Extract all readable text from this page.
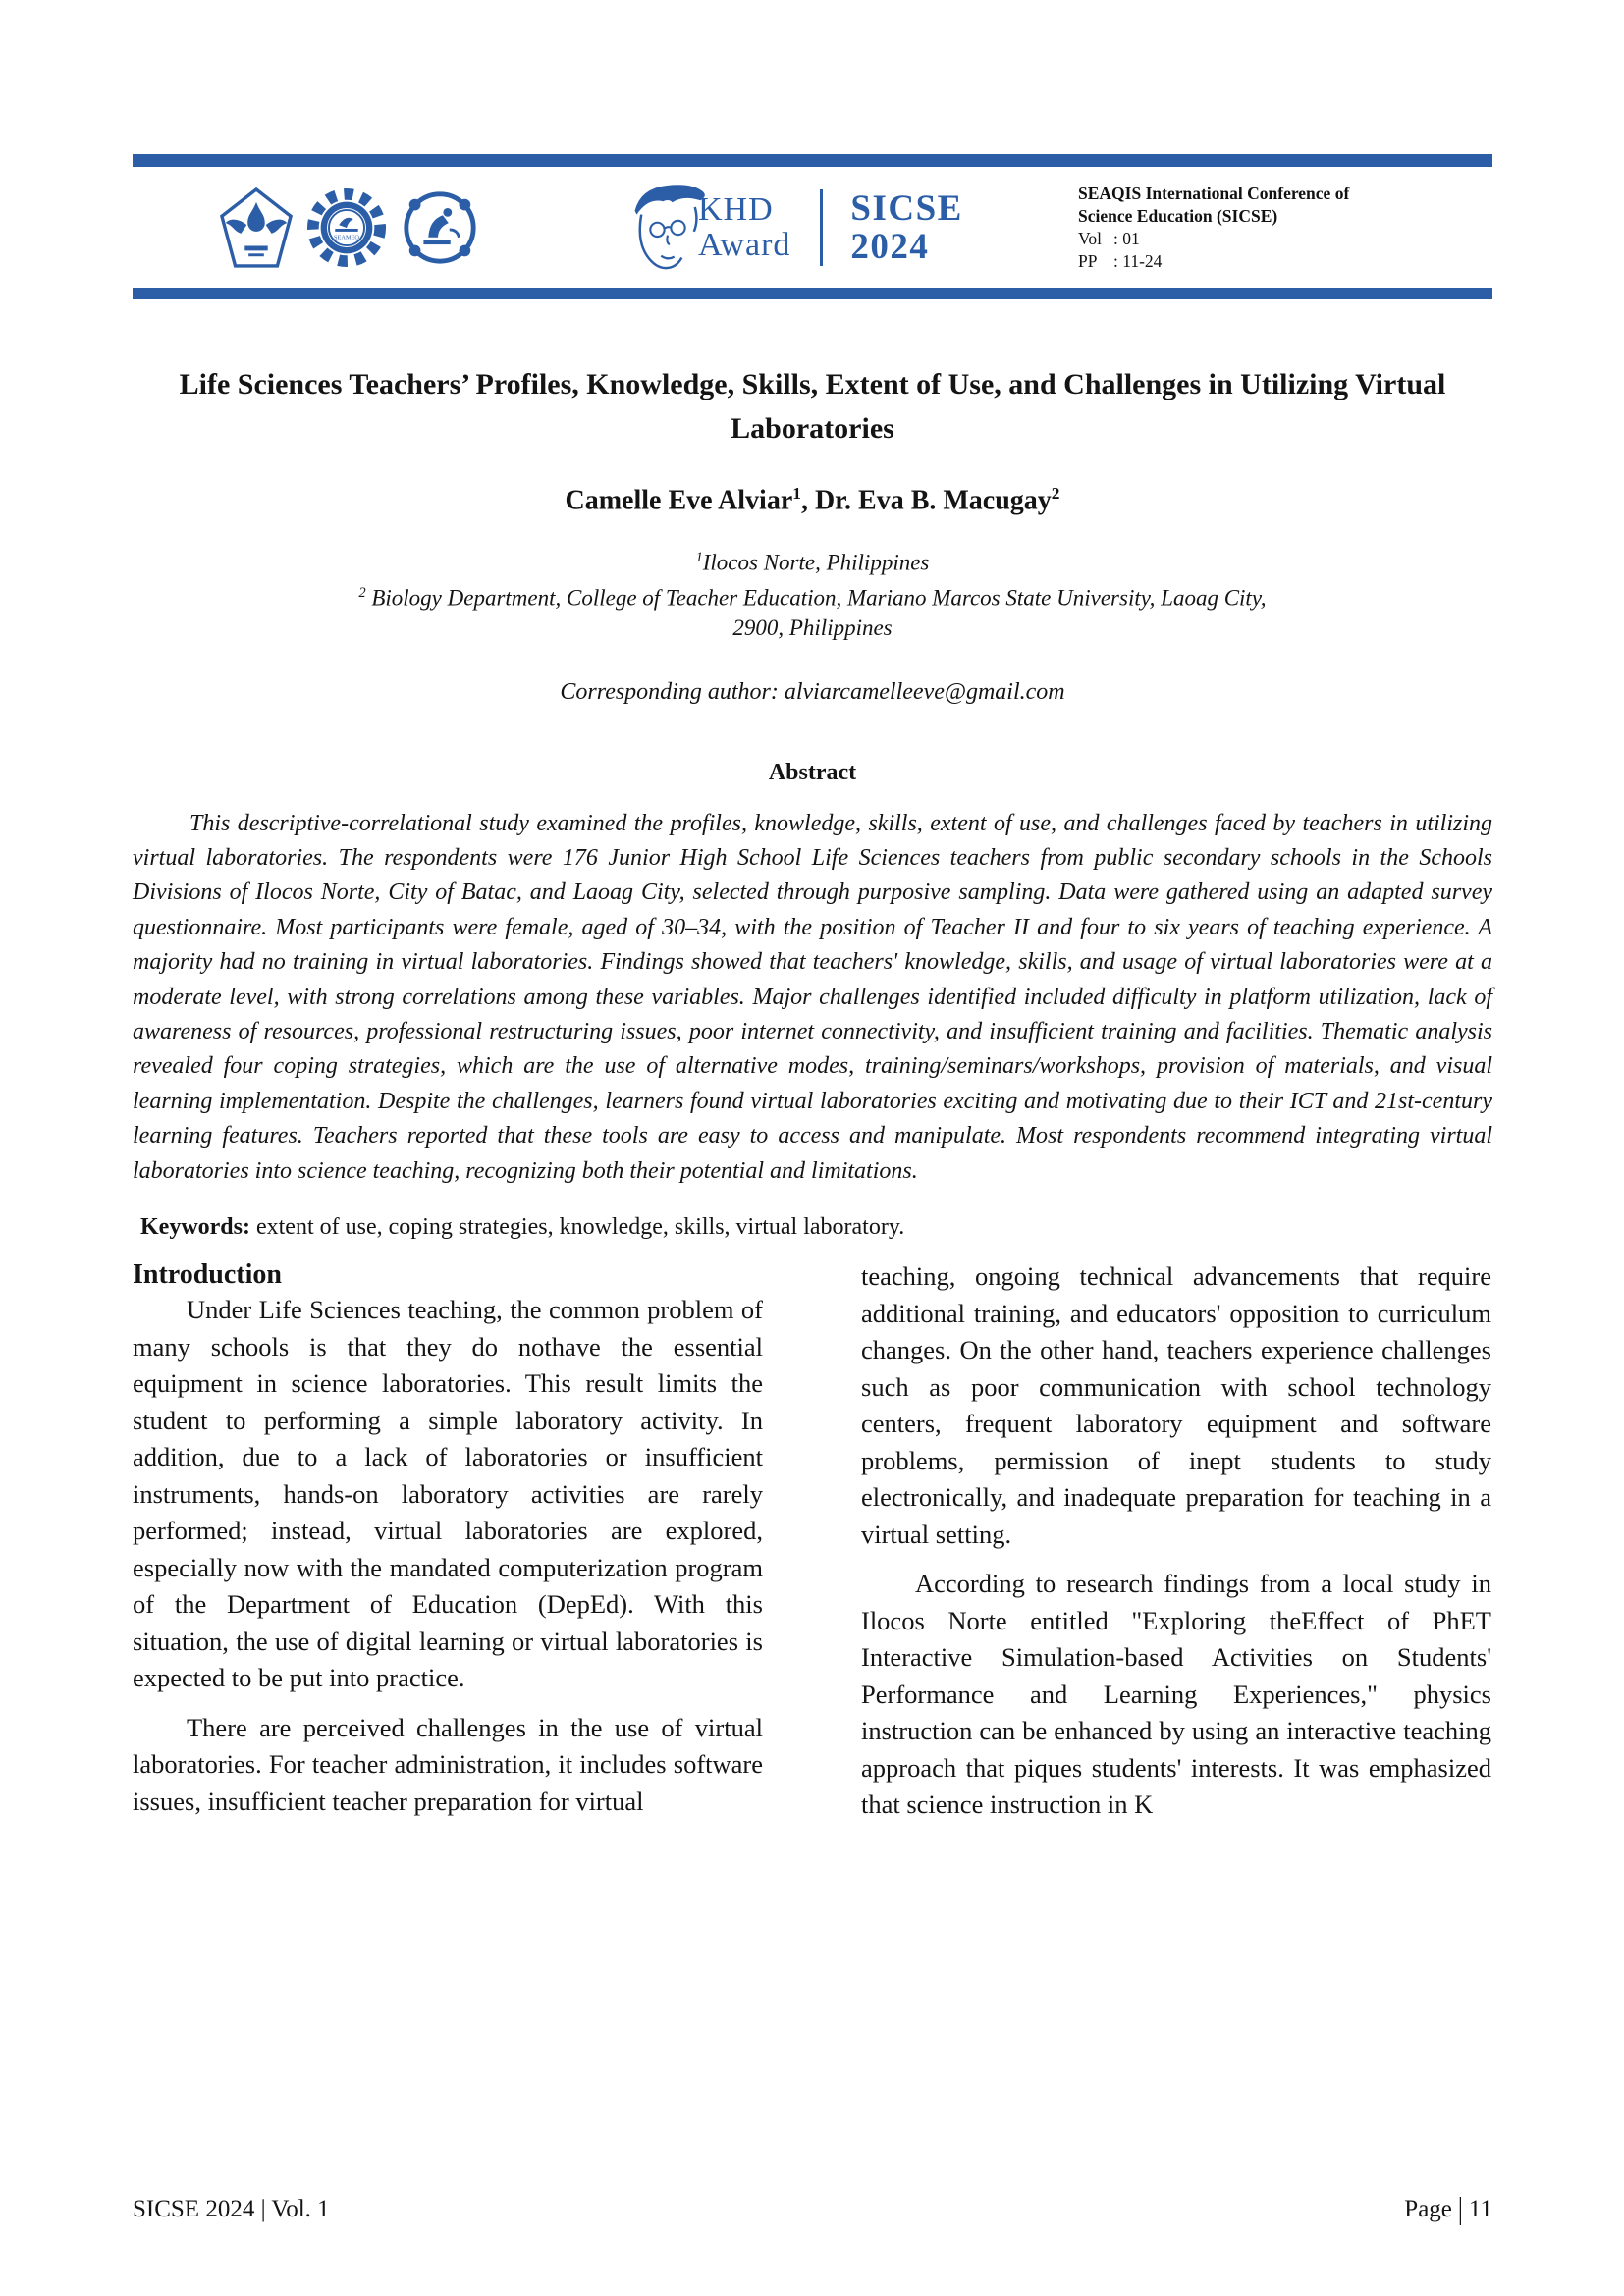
SEAMEO
KHD
Award
SICSE
2024
SEAQIS International Conference of
Science Education (SICSE)
Vol : 01
PP : 11-24
Life Sciences Teachers’ Profiles, Knowledge, Skills, Extent of Use, and Challenges in Utilizing Virtual Laboratories
Camelle Eve Alviar$^1$, Dr. Eva B. Macugay$^2$
$^1$Ilocos Norte, Philippines
$^2$ Biology Department, College of Teacher Education, Mariano Marcos State University, Laoag City,
2900, Philippines
Corresponding author: alviarcamelleeve@gmail.com
Abstract
This descriptive-correlational study examined the profiles, knowledge, skills, extent of use, and challenges faced by teachers in utilizing virtual laboratories. The respondents were 176 Junior High School Life Sciences teachers from public secondary schools in the Schools Divisions of Ilocos Norte, City of Batac, and Laoag City, selected through purposive sampling. Data were gathered using an adapted survey questionnaire. Most participants were female, aged of 30–34, with the position of Teacher II and four to six years of teaching experience. A majority had no training in virtual laboratories. Findings showed that teachers' knowledge, skills, and usage of virtual laboratories were at a moderate level, with strong correlations among these variables. Major challenges identified included difficulty in platform utilization, lack of awareness of resources, professional restructuring issues, poor internet connectivity, and insufficient training and facilities. Thematic analysis revealed four coping strategies, which are the use of alternative modes, training/seminars/workshops, provision of materials, and visual learning implementation. Despite the challenges, learners found virtual laboratories exciting and motivating due to their ICT and 21st-century learning features. Teachers reported that these tools are easy to access and manipulate. Most respondents recommend integrating virtual laboratories into science teaching, recognizing both their potential and limitations.
Keywords: extent of use, coping strategies, knowledge, skills, virtual laboratory.
Introduction

Under Life Sciences teaching, the common problem of many schools is that they do nothave the essential equipment in science laboratories. This result limits the student to performing a simple laboratory activity. In addition, due to a lack of laboratories or insufficient instruments, hands-on laboratory activities are rarely performed; instead, virtual laboratories are explored, especially now with the mandated computerization program of the Department of Education (DepEd). With this situation, the use of digital learning or virtual laboratories is expected to be put into practice.

There are perceived challenges in the use of virtual laboratories. For teacher administration, it includes software issues, insufficient teacher preparation for virtual

teaching, ongoing technical advancements that require additional training, and educators' opposition to curriculum changes. On the other hand, teachers experience challenges such as poor communication with school technology centers, frequent laboratory equipment and software problems, permission of inept students to study electronically, and inadequate preparation for teaching in a virtual setting.

According to research findings from a local study in Ilocos Norte entitled "Exploring theEffect of PhET Interactive Simulation-based Activities on Students' Performance and Learning Experiences," physics instruction can be enhanced by using an interactive teaching approach that piques students' interests. It was emphasized that science instruction in K

SICSE 2024 | Vol. 1	Page | 11
